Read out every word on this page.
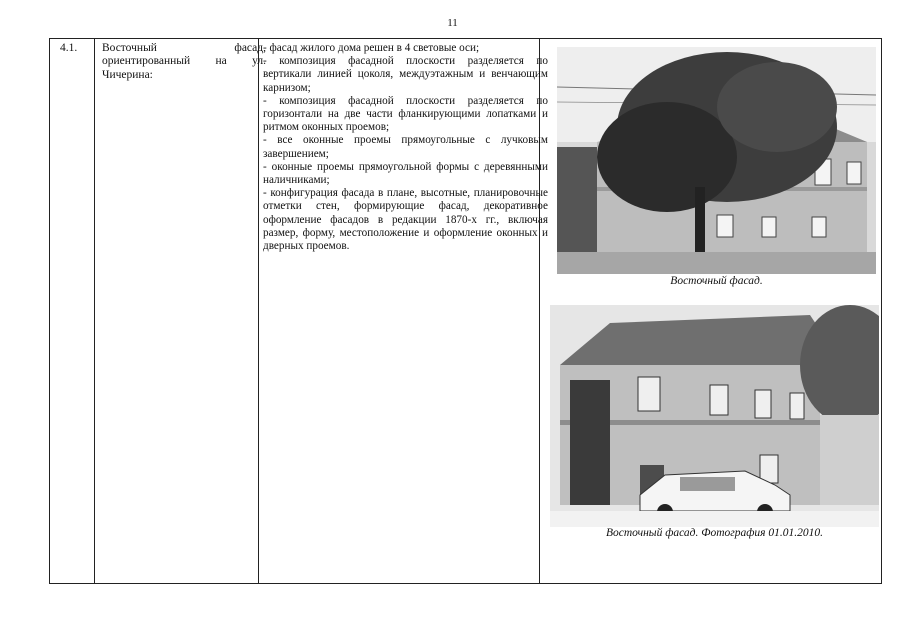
11
4.1.	Восточный фасад, ориентированный на ул. Чичерина:

- фасад жилого дома решен в 4 световые оси;

- композиция фасадной плоскости разделяется по вертикали линией цоколя, междуэтажным и венчающим карнизом;

- композиция фасадной плоскости разделяется по горизонтали на две части фланкирующими лопатками и ритмом оконных проемов;

- все оконные проемы прямоугольные с лучковым завершением;

- оконные проемы прямоугольной формы с деревянными наличниками;

- конфигурация фасада в плане, высотные, планировочные отметки стен, формирующие фасад, декоративное оформление фасадов в редакции 1870-х гг., включая размер, форму, местоположение и оформление оконных и дверных проемов.

Восточный фасад.
Восточный фасад. Фотография 01.01.2010.
